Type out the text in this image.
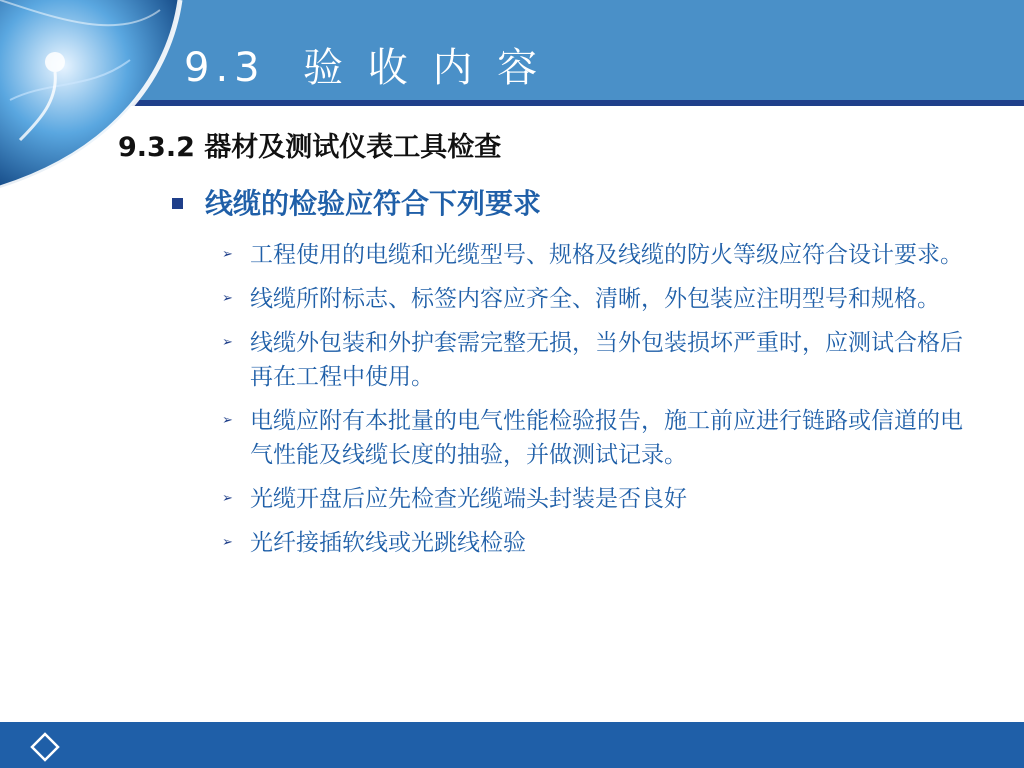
9.3  验 收 内 容
9.3.2 器材及测试仪表工具检查
线缆的检验应符合下列要求
➢ 工程使用的电缆和光缆型号、规格及线缆的防火等级应符合设计要求。
➢ 线缆所附标志、标签内容应齐全、清晰，外包装应注明型号和规格。
➢ 线缆外包装和外护套需完整无损，当外包装损坏严重时，应测试合格后再在工程中使用。
➢ 电缆应附有本批量的电气性能检验报告，施工前应进行链路或信道的电气性能及线缆长度的抽验，并做测试记录。
➢ 光缆开盘后应先检查光缆端头封装是否良好
➢ 光纤接插软线或光跳线检验
